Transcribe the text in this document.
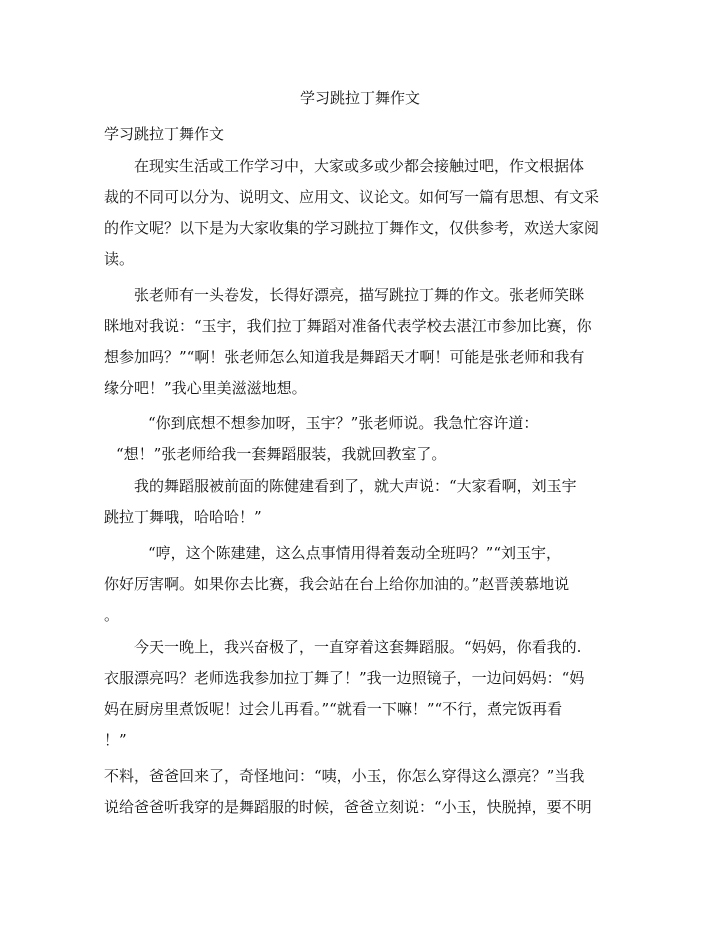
学习跳拉丁舞作文
学习跳拉丁舞作文
在现实生活或工作学习中，大家或多或少都会接触过吧，作文根据体
裁的不同可以分为、说明文、应用文、议论文。如何写一篇有思想、有文采
的作文呢？以下是为大家收集的学习跳拉丁舞作文，仅供参考，欢送大家阅
读。
张老师有一头卷发，长得好漂亮，描写跳拉丁舞的作文。张老师笑眯
眯地对我说：“玉宇，我们拉丁舞蹈对准备代表学校去湛江市参加比赛，你
想参加吗？”“啊！张老师怎么知道我是舞蹈天才啊！可能是张老师和我有
缘分吧！”我心里美滋滋地想。
“你到底想不想参加呀，玉宇？”张老师说。我急忙容许道：
“想！”张老师给我一套舞蹈服装，我就回教室了。
我的舞蹈服被前面的陈健建看到了，就大声说：“大家看啊，刘玉宇
跳拉丁舞哦，哈哈哈！”
“哼，这个陈建建，这么点事情用得着轰动全班吗？”“刘玉宇，
你好厉害啊。如果你去比赛，我会站在台上给你加油的。”赵晋羡慕地说
。
今天一晚上，我兴奋极了，一直穿着这套舞蹈服。“妈妈，你看我的.
衣服漂亮吗？老师选我参加拉丁舞了！”我一边照镜子，一边问妈妈：“妈
妈在厨房里煮饭呢！过会儿再看。”“就看一下嘛！”“不行，煮完饭再看
！”
不料，爸爸回来了，奇怪地问：“咦，小玉，你怎么穿得这么漂亮？”当我
说给爸爸听我穿的是舞蹈服的时候，爸爸立刻说：“小玉，快脱掉，要不明
